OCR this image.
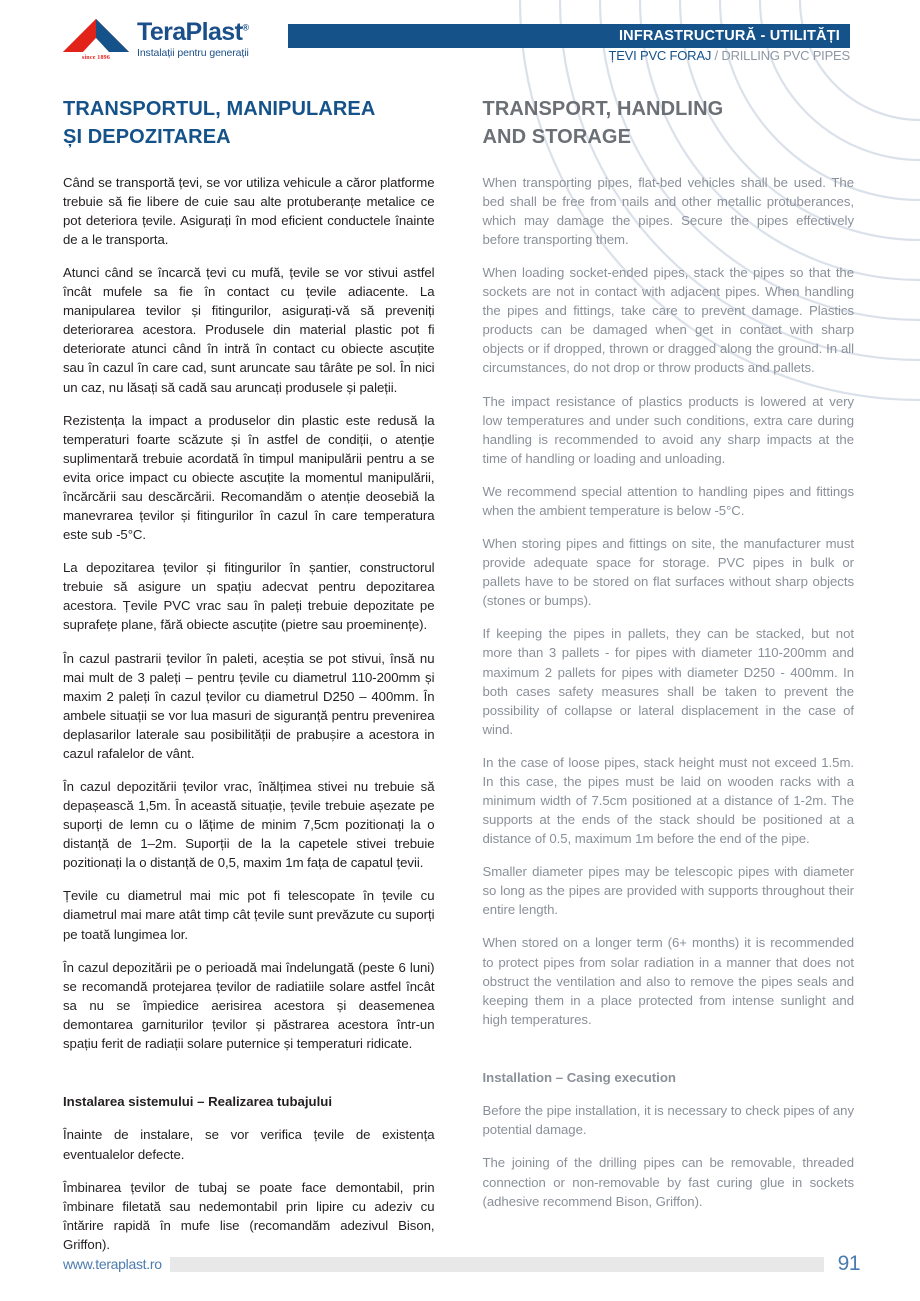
since 1896
TeraPlast®
Instalații pentru generații
INFRASTRUCTURĂ - UTILITĂȚI
ȚEVI PVC FORAJ / DRILLING PVC PIPES
TRANSPORTUL, MANIPULAREA
ȘI DEPOZITAREA

Când se transportă țevi, se vor utiliza vehicule a căror platforme trebuie să fie libere de cuie sau alte protuberanțe metalice ce pot deteriora țevile. Asigurați în mod eficient conductele înainte de a le transporta.

Atunci când se încarcă țevi cu mufă, țevile se vor stivui astfel încât mufele sa fie în contact cu țevile adiacente. La manipularea tevilor și fitingurilor, asigurați-vă să preveniți deteriorarea acestora. Produsele din material plastic pot fi deteriorate atunci când în intră în contact cu obiecte ascuțite sau în cazul în care cad, sunt aruncate sau târâte pe sol. În nici un caz, nu lăsați să cadă sau aruncați produsele și paleții.

Rezistența la impact a produselor din plastic este redusă la temperaturi foarte scăzute și în astfel de condiții, o atenție suplimentară trebuie acordată în timpul manipulării pentru a se evita orice impact cu obiecte ascuțite la momentul manipulării, încărcării sau descărcării. Recomandăm o atenție deosebiă la manevrarea țevilor și fitingurilor în cazul în care temperatura este sub -5°C.

La depozitarea țevilor și fitingurilor în șantier, constructorul trebuie să asigure un spațiu adecvat pentru depozitarea acestora. Țevile PVC vrac sau în paleți trebuie depozitate pe suprafețe plane, fără obiecte ascuțite (pietre sau proeminențe).

În cazul pastrarii țevilor în paleti, aceștia se pot stivui, însă nu mai mult de 3 paleți – pentru țevile cu diametrul 110-200mm și maxim 2 paleți în cazul țevilor cu diametrul D250 – 400mm. În ambele situații se vor lua masuri de siguranță pentru prevenirea deplasarilor laterale sau posibilității de prabușire a acestora in cazul rafalelor de vânt.

În cazul depozitării țevilor vrac, înălțimea stivei nu trebuie să depașească 1,5m. În această situație, țevile trebuie așezate pe suporți de lemn cu o lățime de minim 7,5cm pozitionați la o distanță de 1–2m. Suporții de la la capetele stivei trebuie pozitionați la o distanță de 0,5, maxim 1m fața de capatul țevii.

Țevile cu diametrul mai mic pot fi telescopate în țevile cu diametrul mai mare atât timp cât țevile sunt prevăzute cu suporți pe toată lungimea lor.

În cazul depozitării pe o perioadă mai îndelungată (peste 6 luni) se recomandă protejarea țevilor de radiatiile solare astfel încât sa nu se împiedice aerisirea acestora și deasemenea demontarea garniturilor țevilor și păstrarea acestora într-un spațiu ferit de radiații solare puternice și temperaturi ridicate.

Instalarea sistemului – Realizarea tubajului

Înainte de instalare, se vor verifica țevile de existența eventualelor defecte.

Îmbinarea țevilor de tubaj se poate face demontabil, prin îmbinare filetată sau nedemontabil prin lipire cu adeziv cu întărire rapidă în mufe lise (recomandăm adezivul Bison, Griffon).

TRANSPORT, HANDLING
AND STORAGE

When transporting pipes, flat-bed vehicles shall be used. The bed shall be free from nails and other metallic protuberances, which may damage the pipes. Secure the pipes effectively before transporting them.

When loading socket-ended pipes, stack the pipes so that the sockets are not in contact with adjacent pipes. When handling the pipes and fittings, take care to prevent damage. Plastics products can be damaged when get in contact with sharp objects or if dropped, thrown or dragged along the ground. In all circumstances, do not drop or throw products and pallets.

The impact resistance of plastics products is lowered at very low temperatures and under such conditions, extra care during handling is recommended to avoid any sharp impacts at the time of handling or loading and unloading.

We recommend special attention to handling pipes and fittings when the ambient temperature is below -5°C.

When storing pipes and fittings on site, the manufacturer must provide adequate space for storage. PVC pipes in bulk or pallets have to be stored on flat surfaces without sharp objects (stones or bumps).

If keeping the pipes in pallets, they can be stacked, but not more than 3 pallets - for pipes with diameter 110-200mm and maximum 2 pallets for pipes with diameter D250 - 400mm. In both cases safety measures shall be taken to prevent the possibility of collapse or lateral displacement in the case of wind.

In the case of loose pipes, stack height must not exceed 1.5m. In this case, the pipes must be laid on wooden racks with a minimum width of 7.5cm positioned at a distance of 1-2m. The supports at the ends of the stack should be positioned at a distance of 0.5, maximum 1m before the end of the pipe.

Smaller diameter pipes may be telescopic pipes with diameter so long as the pipes are provided with supports throughout their entire length.

When stored on a longer term (6+ months) it is recommended to protect pipes from solar radiation in a manner that does not obstruct the ventilation and also to remove the pipes seals and keeping them in a place protected from intense sunlight and high temperatures.

Installation – Casing execution

Before the pipe installation, it is necessary to check pipes of any potential damage.

The joining of the drilling pipes can be removable, threaded connection or non-removable by fast curing glue in sockets (adhesive recommend Bison, Griffon).

www.teraplast.ro	91
